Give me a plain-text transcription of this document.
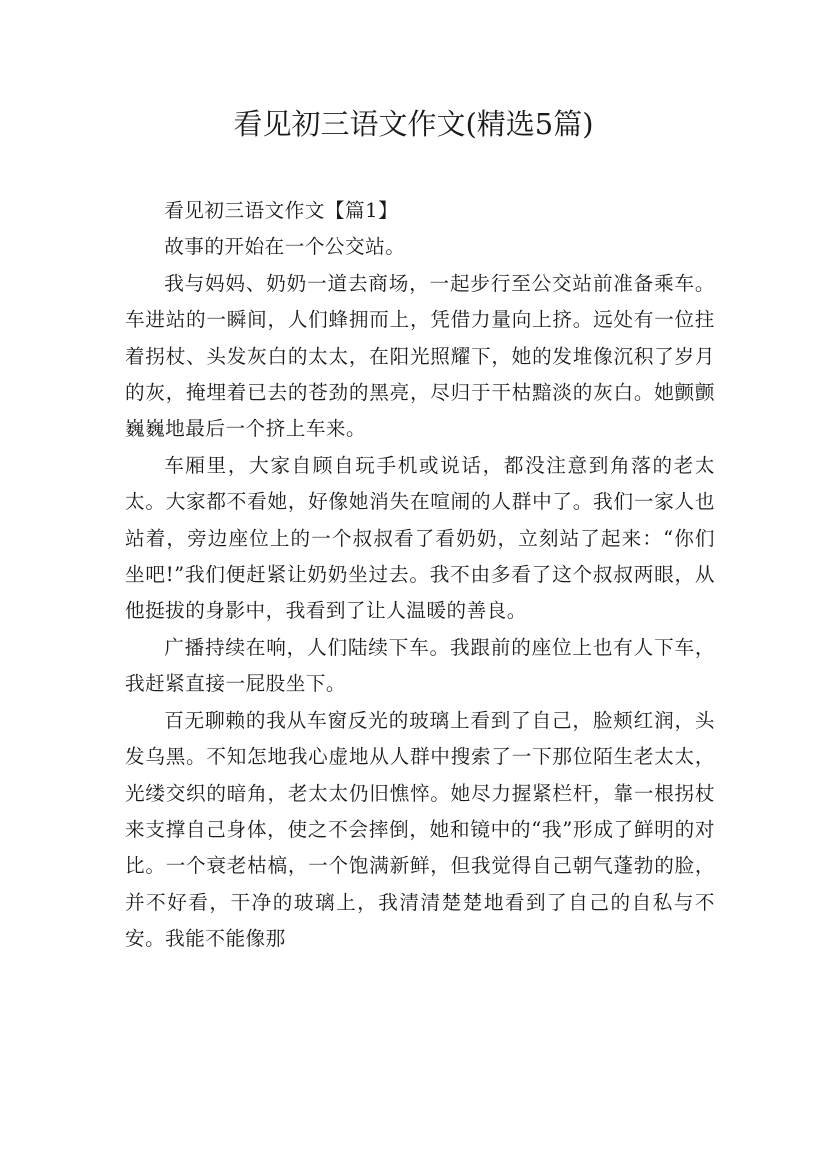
看见初三语文作文(精选5篇)

看见初三语文作文【篇1】

故事的开始在一个公交站。

我与妈妈、奶奶一道去商场，一起步行至公交站前准备乘车。车进站的一瞬间，人们蜂拥而上，凭借力量向上挤。远处有一位拄着拐杖、头发灰白的太太，在阳光照耀下，她的发堆像沉积了岁月的灰，掩埋着已去的苍劲的黑亮，尽归于干枯黯淡的灰白。她颤颤巍巍地最后一个挤上车来。

车厢里，大家自顾自玩手机或说话，都没注意到角落的老太太。大家都不看她，好像她消失在喧闹的人群中了。我们一家人也站着，旁边座位上的一个叔叔看了看奶奶，立刻站了起来：“你们坐吧!”我们便赶紧让奶奶坐过去。我不由多看了这个叔叔两眼，从他挺拔的身影中，我看到了让人温暖的善良。

广播持续在响，人们陆续下车。我跟前的座位上也有人下车，我赶紧直接一屁股坐下。

百无聊赖的我从车窗反光的玻璃上看到了自己，脸颊红润，头发乌黑。不知怎地我心虚地从人群中搜索了一下那位陌生老太太，光缕交织的暗角，老太太仍旧憔悴。她尽力握紧栏杆，靠一根拐杖来支撑自己身体，使之不会摔倒，她和镜中的“我”形成了鲜明的对比。一个衰老枯槁，一个饱满新鲜，但我觉得自己朝气蓬勃的脸，并不好看，干净的玻璃上，我清清楚楚地看到了自己的自私与不安。我能不能像那
